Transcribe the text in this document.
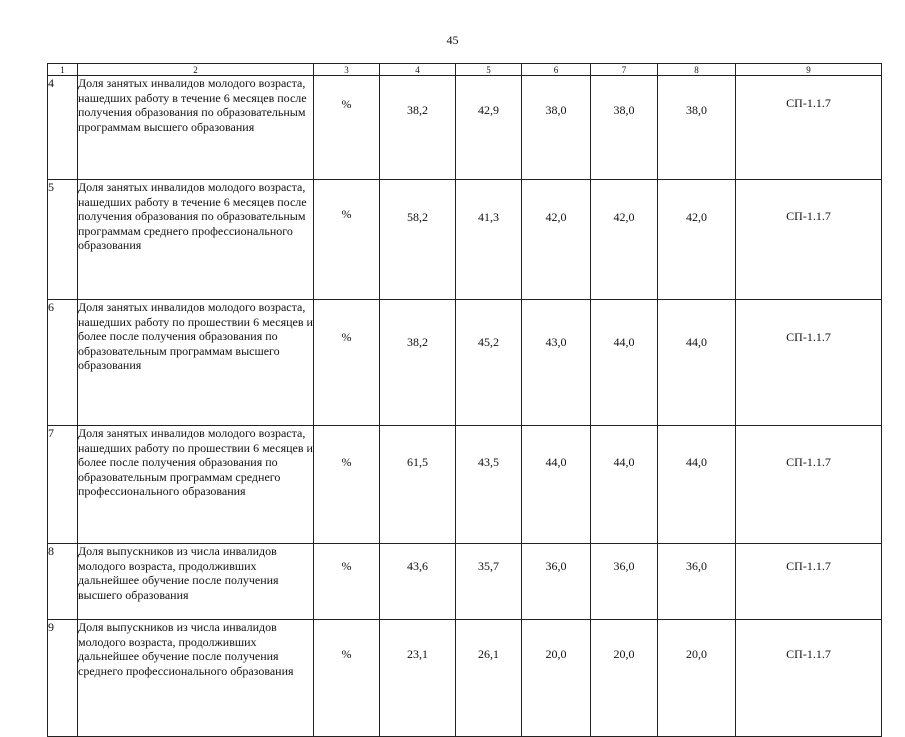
45
1	2	3	4	5	6	7	8	9
4	Доля занятых инвалидов молодого возраста, нашедших работу в течение 6 месяцев после получения образования по образовательным программам высшего образования	%	38,2	42,9	38,0	38,0	38,0	СП-1.1.7
5	Доля занятых инвалидов молодого возраста, нашедших работу в течение 6 месяцев после получения образования по образовательным программам среднего профессионального образования	%	58,2	41,3	42,0	42,0	42,0	СП-1.1.7
6	Доля занятых инвалидов молодого возраста, нашедших работу по прошествии 6 месяцев и более после получения образования по образовательным программам высшего образования	%	38,2	45,2	43,0	44,0	44,0	СП-1.1.7
7	Доля занятых инвалидов молодого возраста, нашедших работу по прошествии 6 месяцев и более после получения образования по образовательным программам среднего профессионального образования	%	61,5	43,5	44,0	44,0	44,0	СП-1.1.7
8	Доля выпускников из числа инвалидов молодого возраста, продолживших дальнейшее обучение после получения высшего образования	%	43,6	35,7	36,0	36,0	36,0	СП-1.1.7
9	Доля выпускников из числа инвалидов молодого возраста, продолживших дальнейшее обучение после получения среднего профессионального образования	%	23,1	26,1	20,0	20,0	20,0	СП-1.1.7
